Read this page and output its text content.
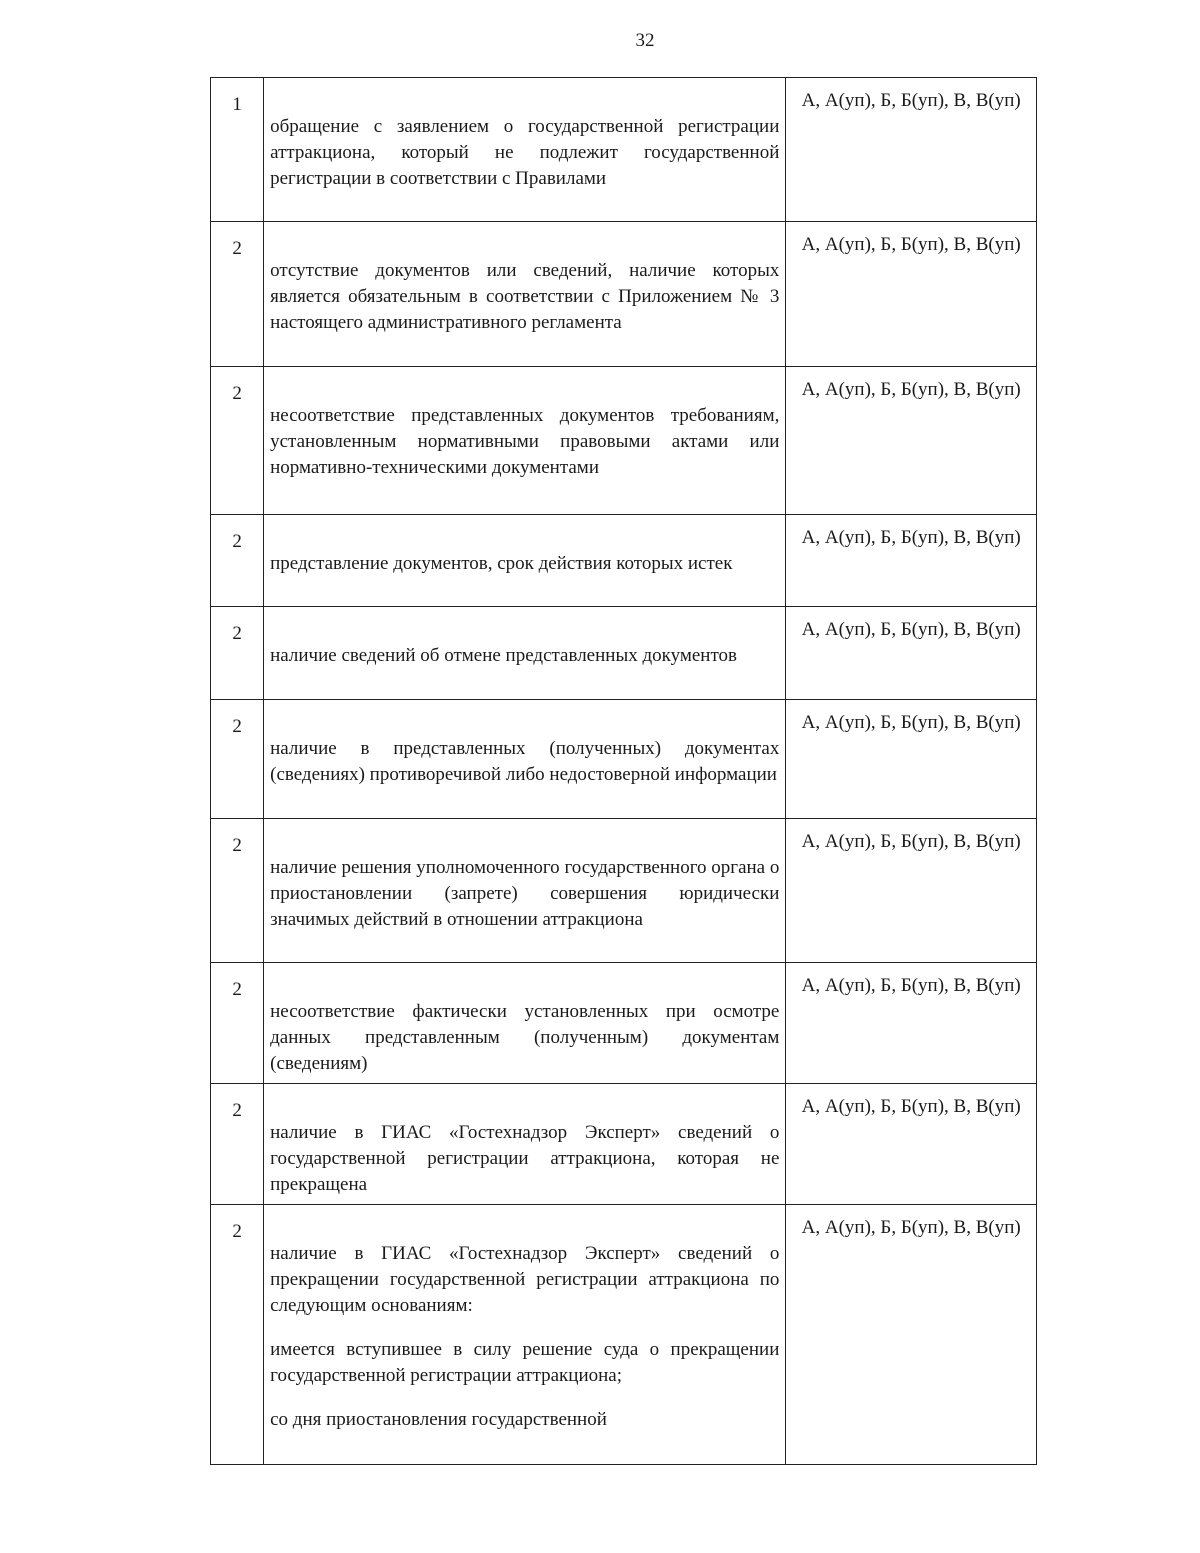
32
1	обращение с заявлением о государственной регистрации аттракциона, который не подлежит государственной регистрации в соответствии с Правилами	А, А(уп), Б, Б(уп), В, В(уп)
2	отсутствие документов или сведений, наличие которых является обязательным в соответствии с Приложением № 3 настоящего административного регламента	А, А(уп), Б, Б(уп), В, В(уп)
2	несоответствие представленных документов требованиям, установленным нормативными правовыми актами или нормативно-техническими документами	А, А(уп), Б, Б(уп), В, В(уп)
2	представление документов, срок действия которых истек	А, А(уп), Б, Б(уп), В, В(уп)
2	наличие сведений об отмене представленных документов	А, А(уп), Б, Б(уп), В, В(уп)
2	наличие в представленных (полученных) документах (сведениях) противоречивой либо недостоверной информации	А, А(уп), Б, Б(уп), В, В(уп)
2	наличие решения уполномоченного государственного органа о приостановлении (запрете) совершения юридически значимых действий в отношении аттракциона	А, А(уп), Б, Б(уп), В, В(уп)
2	несоответствие фактически установленных при осмотре данных представленным (полученным) документам (сведениям)	А, А(уп), Б, Б(уп), В, В(уп)
2	наличие в ГИАС «Гостехнадзор Эксперт» сведений о государственной регистрации аттракциона, которая не прекращена	А, А(уп), Б, Б(уп), В, В(уп)
2	наличие в ГИАС «Гостехнадзор Эксперт» сведений о прекращении государственной регистрации аттракциона по следующим основаниям:

имеется вступившее в силу решение суда о прекращении государственной регистрации аттракциона;

со дня приостановления государственной	А, А(уп), Б, Б(уп), В, В(уп)
